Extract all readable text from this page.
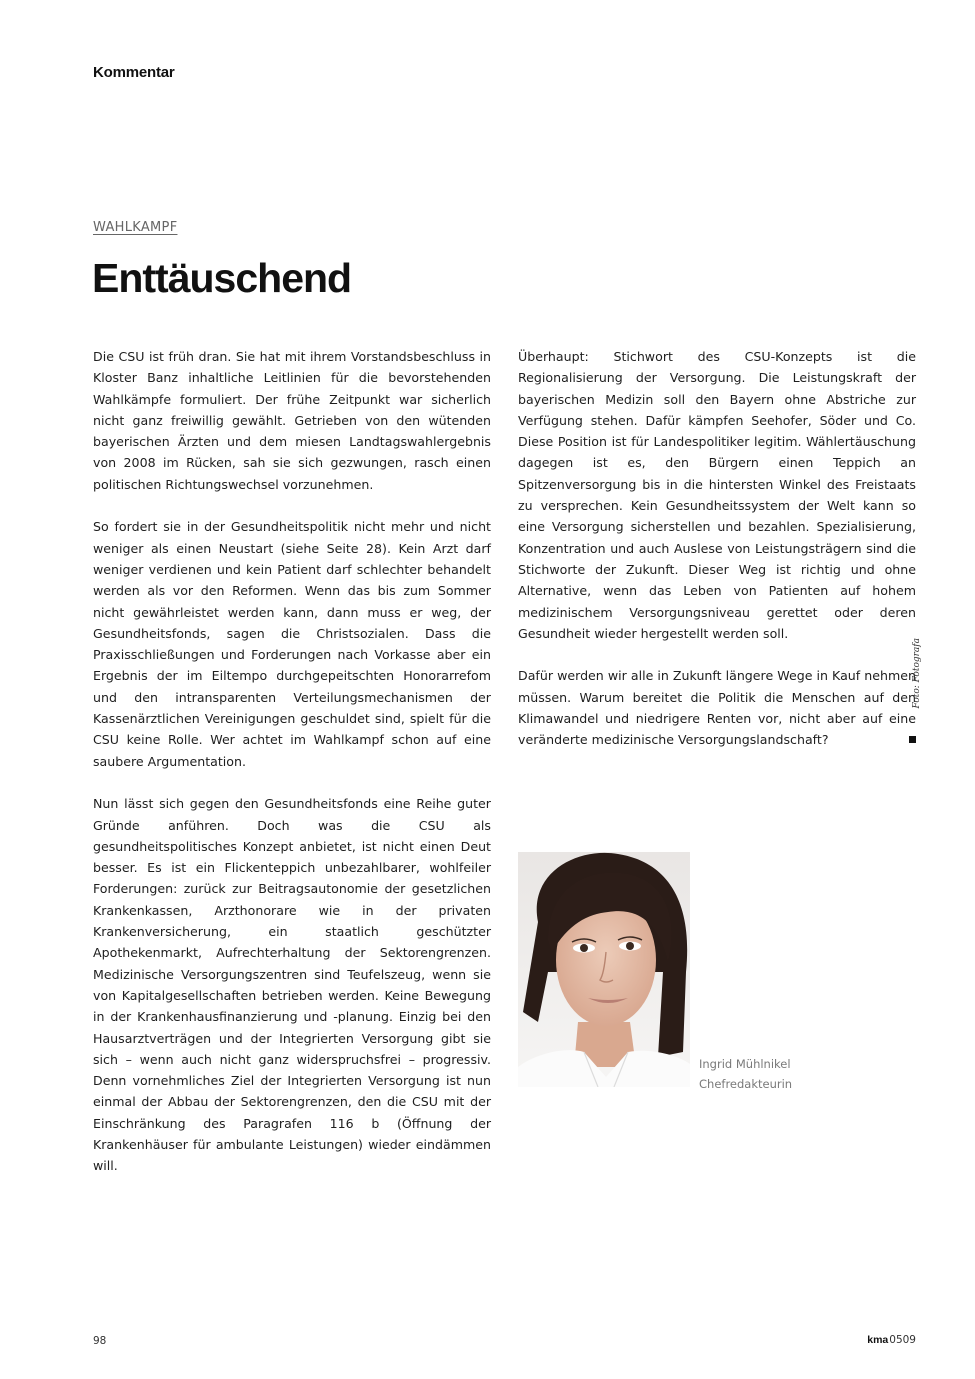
Kommentar
WAHLKAMPF
Enttäuschend

Die CSU ist früh dran. Sie hat mit ihrem Vorstandsbeschluss in Kloster Banz inhaltliche Leitlinien für die bevorstehenden Wahlkämpfe formuliert. Der frühe Zeitpunkt war sicherlich nicht ganz freiwillig gewählt. Getrieben von den wütenden bayerischen Ärzten und dem miesen Landtagswahlergebnis von 2008 im Rücken, sah sie sich gezwungen, rasch einen politischen Richtungswechsel vorzunehmen.

So fordert sie in der Gesundheitspolitik nicht mehr und nicht weniger als einen Neustart (siehe Seite 28). Kein Arzt darf weniger verdienen und kein Patient darf schlechter behandelt werden als vor den Reformen. Wenn das bis zum Sommer nicht gewährleistet werden kann, dann muss er weg, der Gesundheitsfonds, sagen die Christsozialen. Dass die Praxisschließungen und Forderungen nach Vorkasse aber ein Ergebnis der im Eiltempo durchgepeitschten Honorarrefom und den intransparenten Verteilungsmechanismen der Kassenärztlichen Vereinigungen geschuldet sind, spielt für die CSU keine Rolle. Wer achtet im Wahlkampf schon auf eine saubere Argumentation.

Nun lässt sich gegen den Gesundheitsfonds eine Reihe guter Gründe anführen. Doch was die CSU als gesundheitspolitisches Konzept anbietet, ist nicht einen Deut besser. Es ist ein Flickenteppich unbezahlbarer, wohlfeiler Forderungen: zurück zur Beitragsautonomie der gesetzlichen Krankenkassen, Arzthonorare wie in der privaten Krankenversicherung, ein staatlich geschützter Apothekenmarkt, Aufrechterhaltung der Sektorengrenzen. Medizinische Versorgungszentren sind Teufelszeug, wenn sie von Kapitalgesellschaften betrieben werden. Keine Bewegung in der Krankenhausfinanzierung und -planung. Einzig bei den Hausarztverträgen und der Integrierten Versorgung gibt sie sich – wenn auch nicht ganz widerspruchsfrei – progressiv. Denn vornehmliches Ziel der Integrierten Versorgung ist nun einmal der Abbau der Sektorengrenzen, den die CSU mit der Einschränkung des Paragrafen 116 b (Öffnung der Krankenhäuser für ambulante Leistungen) wieder eindämmen will.

Überhaupt: Stichwort des CSU-Konzepts ist die Regionalisierung der Versorgung. Die Leistungskraft der bayerischen Medizin soll den Bayern ohne Abstriche zur Verfügung stehen. Dafür kämpfen Seehofer, Söder und Co. Diese Position ist für Landespolitiker legitim. Wählertäuschung dagegen ist es, den Bürgern einen Teppich an Spitzenversorgung bis in die hintersten Winkel des Freistaats zu versprechen. Kein Gesundheitssystem der Welt kann so eine Versorgung sicherstellen und bezahlen. Spezialisierung, Konzentration und auch Auslese von Leistungsträgern sind die Stichworte der Zukunft. Dieser Weg ist richtig und ohne Alternative, wenn das Leben von Patienten auf hohem medizinischem Versorgungsniveau gerettet oder deren Gesundheit wieder hergestellt werden soll.

Dafür werden wir alle in Zukunft längere Wege in Kauf nehmen müssen. Warum bereitet die Politik die Menschen auf den Klimawandel und niedrigere Renten vor, nicht aber auf eine veränderte medizinische Versorgungslandschaft?

Foto: Fotografa
Ingrid Mühlnikel
Chefredakteurin
98	kma0509
